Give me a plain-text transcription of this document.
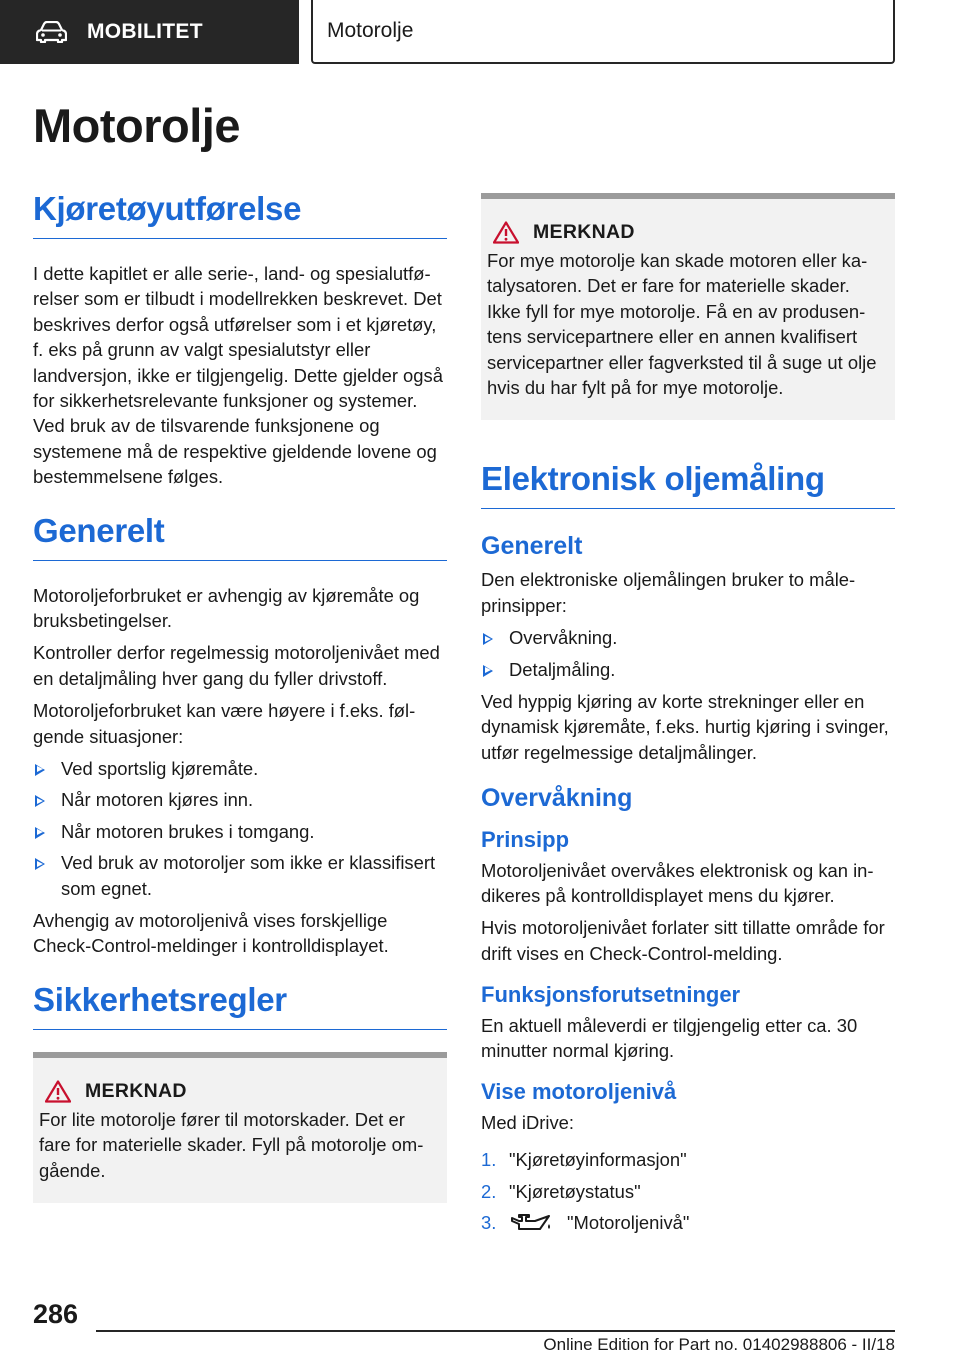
MOBILITET	Motorolje
Motorolje
Kjøretøyutførelse

I dette kapitlet er alle serie-, land- og spesialutførelser som er tilbudt i modellrekken beskrevet. Det beskrives derfor også utførelser som i et kjøretøy, f. eks på grunn av valgt spesialutstyr eller landversjon, ikke er tilgjengelig. Dette gjelder også for sikkerhetsrelevante funksjoner og systemer. Ved bruk av de tilsvarende funksjonene og systemene må de respektive gjeldende lovene og bestemmelsene følges.

Generelt

Motoroljeforbruket er avhengig av kjøremåte og bruksbetingelser.

Kontroller derfor regelmessig motoroljenivået med en detaljmåling hver gang du fyller drivstoff.

Motoroljeforbruket kan være høyere i f.eks. følgende situasjoner:

Ved sportslig kjøremåte.
Når motoren kjøres inn.
Når motoren brukes i tomgang.
Ved bruk av motoroljer som ikke er klassifisert som egnet.

Avhengig av motoroljenivå vises forskjellige Check-Control-meldinger i kontrolldisplayet.

Sikkerhetsregler
MERKNAD

For lite motorolje fører til motorskader. Det er fare for materielle skader. Fyll på motorolje omgående.

MERKNAD

For mye motorolje kan skade motoren eller katalysatoren. Det er fare for materielle skader. Ikke fyll for mye motorolje. Få en av produsentens servicepartnere eller en annen kvalifisert servicepartner eller fagverksted til å suge ut olje hvis du har fylt på for mye motorolje.

Elektronisk oljemåling
Generelt

Den elektroniske oljemålingen bruker to måleprinsipper:

Overvåkning.
Detaljmåling.

Ved hyppig kjøring av korte strekninger eller en dynamisk kjøremåte, f.eks. hurtig kjøring i svinger, utfør regelmessige detaljmålinger.

Overvåkning
Prinsipp

Motoroljenivået overvåkes elektronisk og kan indikeres på kontrolldisplayet mens du kjører.

Hvis motoroljenivået forlater sitt tillatte område for drift vises en Check-Control-melding.

Funksjonsforutsetninger

En aktuell måleverdi er tilgjengelig etter ca. 30 minutter normal kjøring.

Vise motoroljenivå

Med iDrive:

1. "Kjøretøyinformasjon"
2. "Kjøretøystatus"
3.	"Motoroljenivå"
286
Online Edition for Part no. 01402988806 - II/18
